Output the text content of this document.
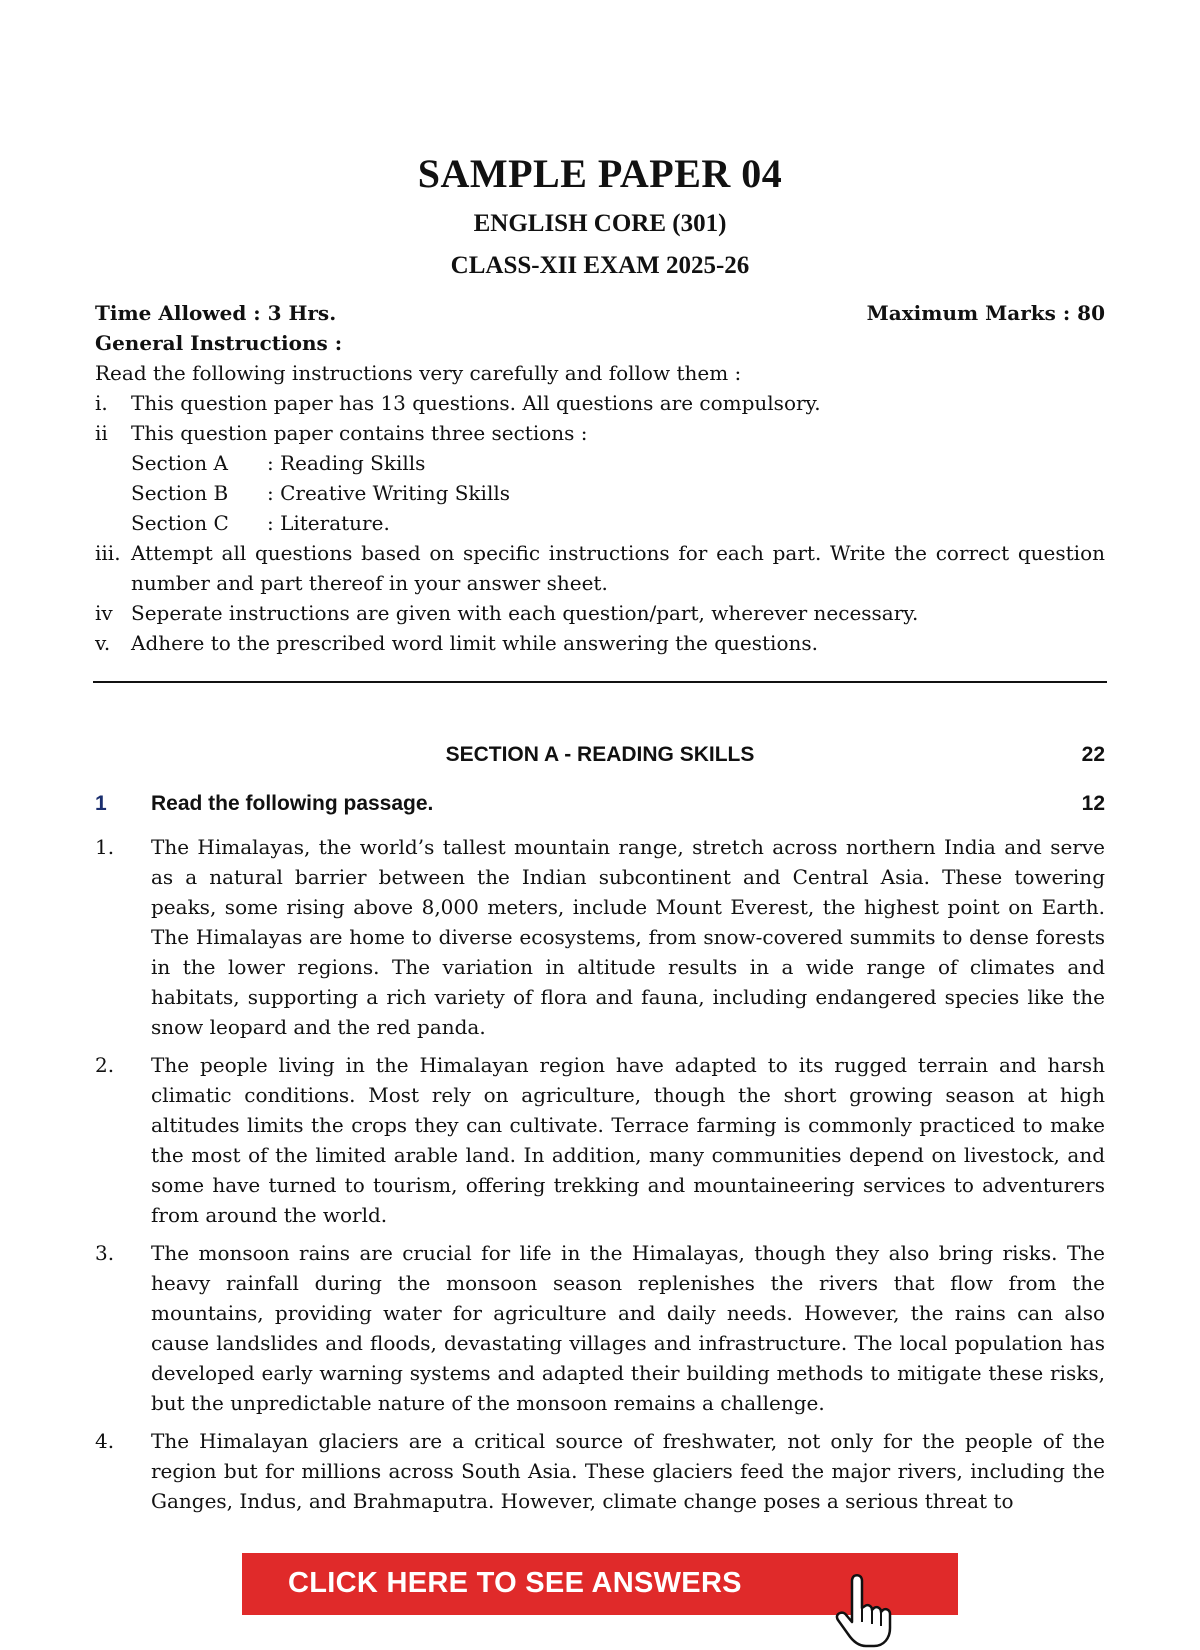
SAMPLE PAPER 04
ENGLISH CORE (301)
CLASS-XII EXAM 2025-26
Time Allowed : 3 Hrs.	Maximum Marks : 80
General Instructions :
Read the following instructions very carefully and follow them :
i.	This question paper has 13 questions. All questions are compulsory.
ii	This question paper contains three sections :
Section A : Reading Skills
Section B : Creative Writing Skills
Section C : Literature.
iii. Attempt all questions based on specific instructions for each part. Write the correct question number and part thereof in your answer sheet.
iv Seperate instructions are given with each question/part, wherever necessary.
v.	Adhere to the prescribed word limit while answering the questions.
SECTION A - READING SKILLS	22
1 Read the following passage.	12
1.	The Himalayas, the world’s tallest mountain range, stretch across northern India and serve as a natural barrier between the Indian subcontinent and Central Asia. These towering peaks, some rising above 8,000 meters, include Mount Everest, the highest point on Earth. The Himalayas are home to diverse ecosystems, from snow-covered summits to dense forests in the lower regions. The variation in altitude results in a wide range of climates and habitats, supporting a rich variety of flora and fauna, including endangered species like the snow leopard and the red panda.
2.	The people living in the Himalayan region have adapted to its rugged terrain and harsh climatic conditions. Most rely on agriculture, though the short growing season at high altitudes limits the crops they can cultivate. Terrace farming is commonly practiced to make the most of the limited arable land. In addition, many communities depend on livestock, and some have turned to tourism, offering trekking and mountaineering services to adventurers from around the world.
3.	The monsoon rains are crucial for life in the Himalayas, though they also bring risks. The heavy rainfall during the monsoon season replenishes the rivers that flow from the mountains, providing water for agriculture and daily needs. However, the rains can also cause landslides and floods, devastating villages and infrastructure. The local population has developed early warning systems and adapted their building methods to mitigate these risks, but the unpredictable nature of the monsoon remains a challenge.
4.	The Himalayan glaciers are a critical source of freshwater, not only for the people of the region but for millions across South Asia. These glaciers feed the major rivers, including the Ganges, Indus, and Brahmaputra. However, climate change poses a serious threat to
CLICK HERE TO SEE ANSWERS
